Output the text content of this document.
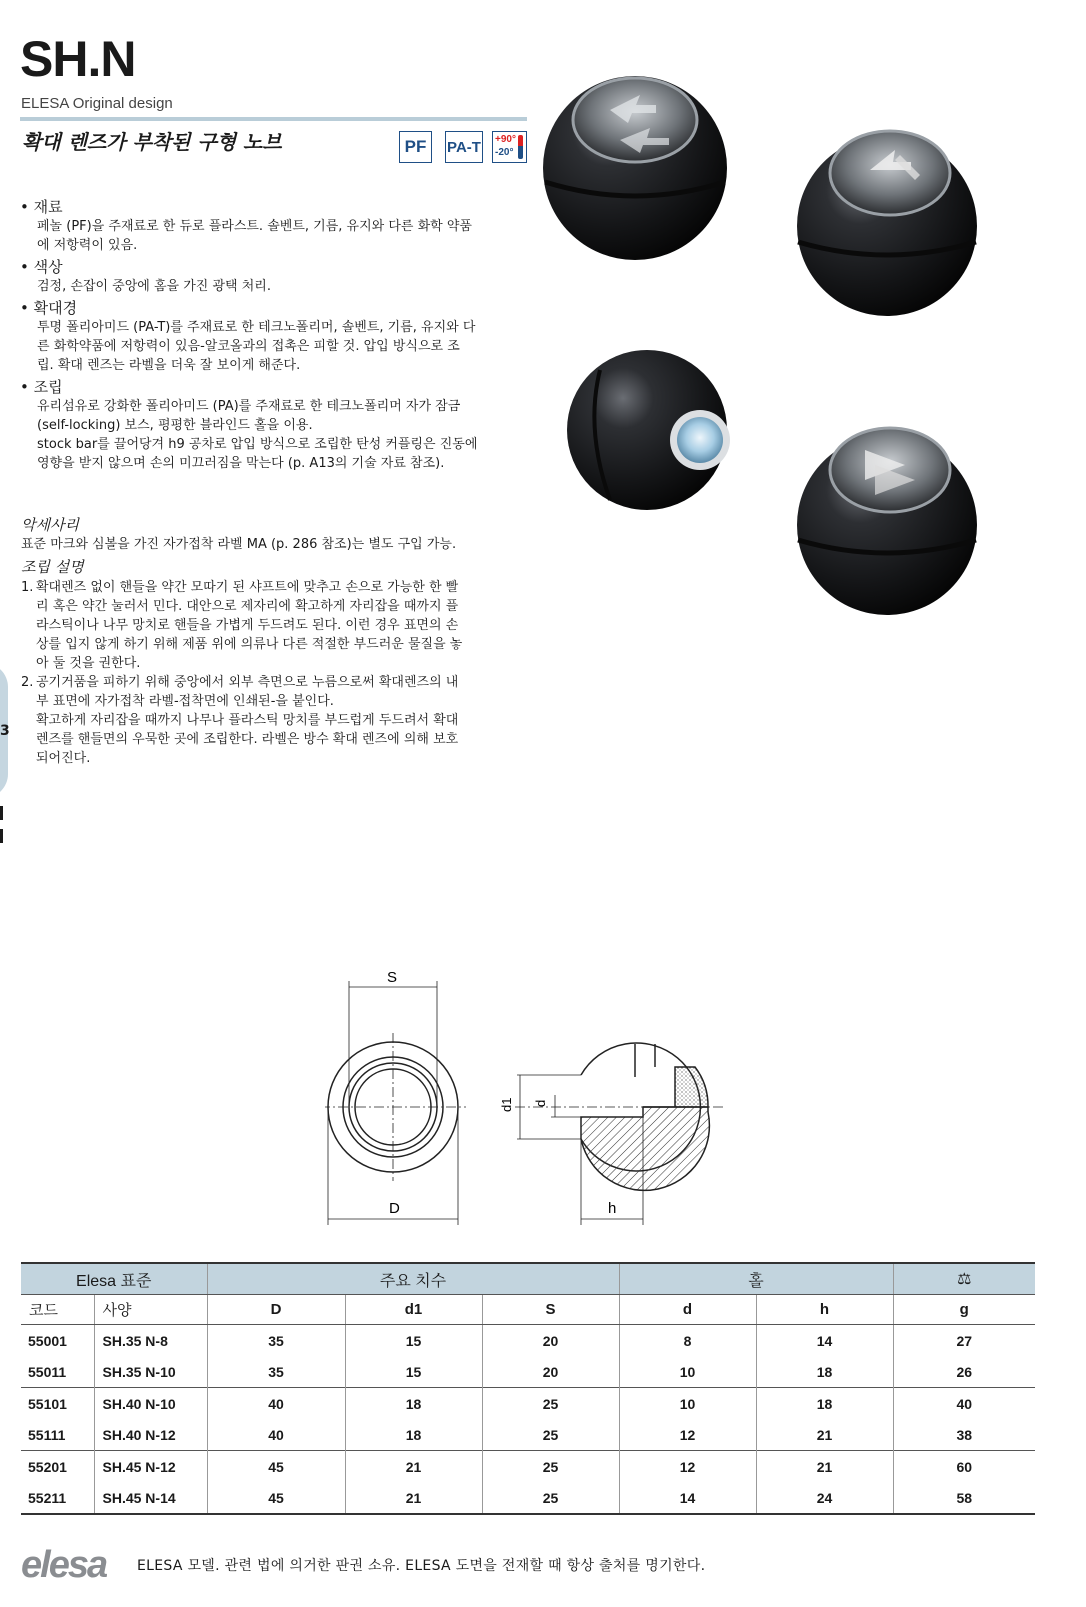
3
SH.N
ELESA Original design
확대 렌즈가 부착된 구형 노브	PF	PA-T +90°
-20°
• 재료
페놀 (PF)을 주재료로 한 듀로 플라스트. 솔벤트, 기름, 유지와 다른 화학 약품
에 저항력이 있음.
• 색상
검정, 손잡이 중앙에 홈을 가진 광택 처리.
• 확대경
투명 폴리아미드 (PA-T)를 주재료로 한 테크노폴리머, 솔벤트, 기름, 유지와 다
른 화학약품에 저항력이 있음-알코올과의 접촉은 피할 것. 압입 방식으로 조
립. 확대 렌즈는 라벨을 더욱 잘 보이게 해준다.
• 조립
유리섬유로 강화한 폴리아미드 (PA)를 주재료로 한 테크노폴리머 자가 잠금
(self-locking) 보스, 평평한 블라인드 홀을 이용.
stock bar를 끌어당겨 h9 공차로 압입 방식으로 조립한 탄성 커플링은 진동에
영향을 받지 않으며 손의 미끄러짐을 막는다 (p. A13의 기술 자료 참조).
악세사리
표준 마크와 심볼을 가진 자가접착 라벨 MA (p. 286 참조)는 별도 구입 가능.
조립 설명
1. 확대렌즈 없이 핸들을 약간 모따기 된 샤프트에 맞추고 손으로 가능한 한 빨
리 혹은 약간 눌러서 민다. 대안으로 제자리에 확고하게 자리잡을 때까지 플
라스틱이나 나무 망치로 핸들을 가볍게 두드려도 된다. 이런 경우 표면의 손
상를 입지 않게 하기 위해 제품 위에 의류나 다른 적절한 부드러운 물질을 놓
아 둘 것을 권한다.
2. 공기거품을 피하기 위해 중앙에서 외부 측면으로 누름으로써 확대렌즈의 내
부 표면에 자가접착 라벨-접착면에 인쇄된-을 붙인다.
확고하게 자리잡을 때까지 나무나 플라스틱 망치를 부드럽게 두드려서 확대
렌즈를 핸들면의 우묵한 곳에 조립한다. 라벨은 방수 확대 렌즈에 의해 보호
되어진다.
S
D
d1 d
h
Elesa 표준		주요 치수			홀		⚖
코드	사양	D	d1	S	d	h	g
55001	SH.35 N-8	35	15	20	8	14	27
55011	SH.35 N-10	35	15	20	10	18	26
55101	SH.40 N-10	40	18	25	10	18	40
55111	SH.40 N-12	40	18	25	12	21	38
55201	SH.45 N-12	45	21	25	12	21	60
55211	SH.45 N-14	45	21	25	14	24	58
elesa ELESA 모델. 관련 법에 의거한 판권 소유. ELESA 도면을 전재할 때 항상 출처를 명기한다.
